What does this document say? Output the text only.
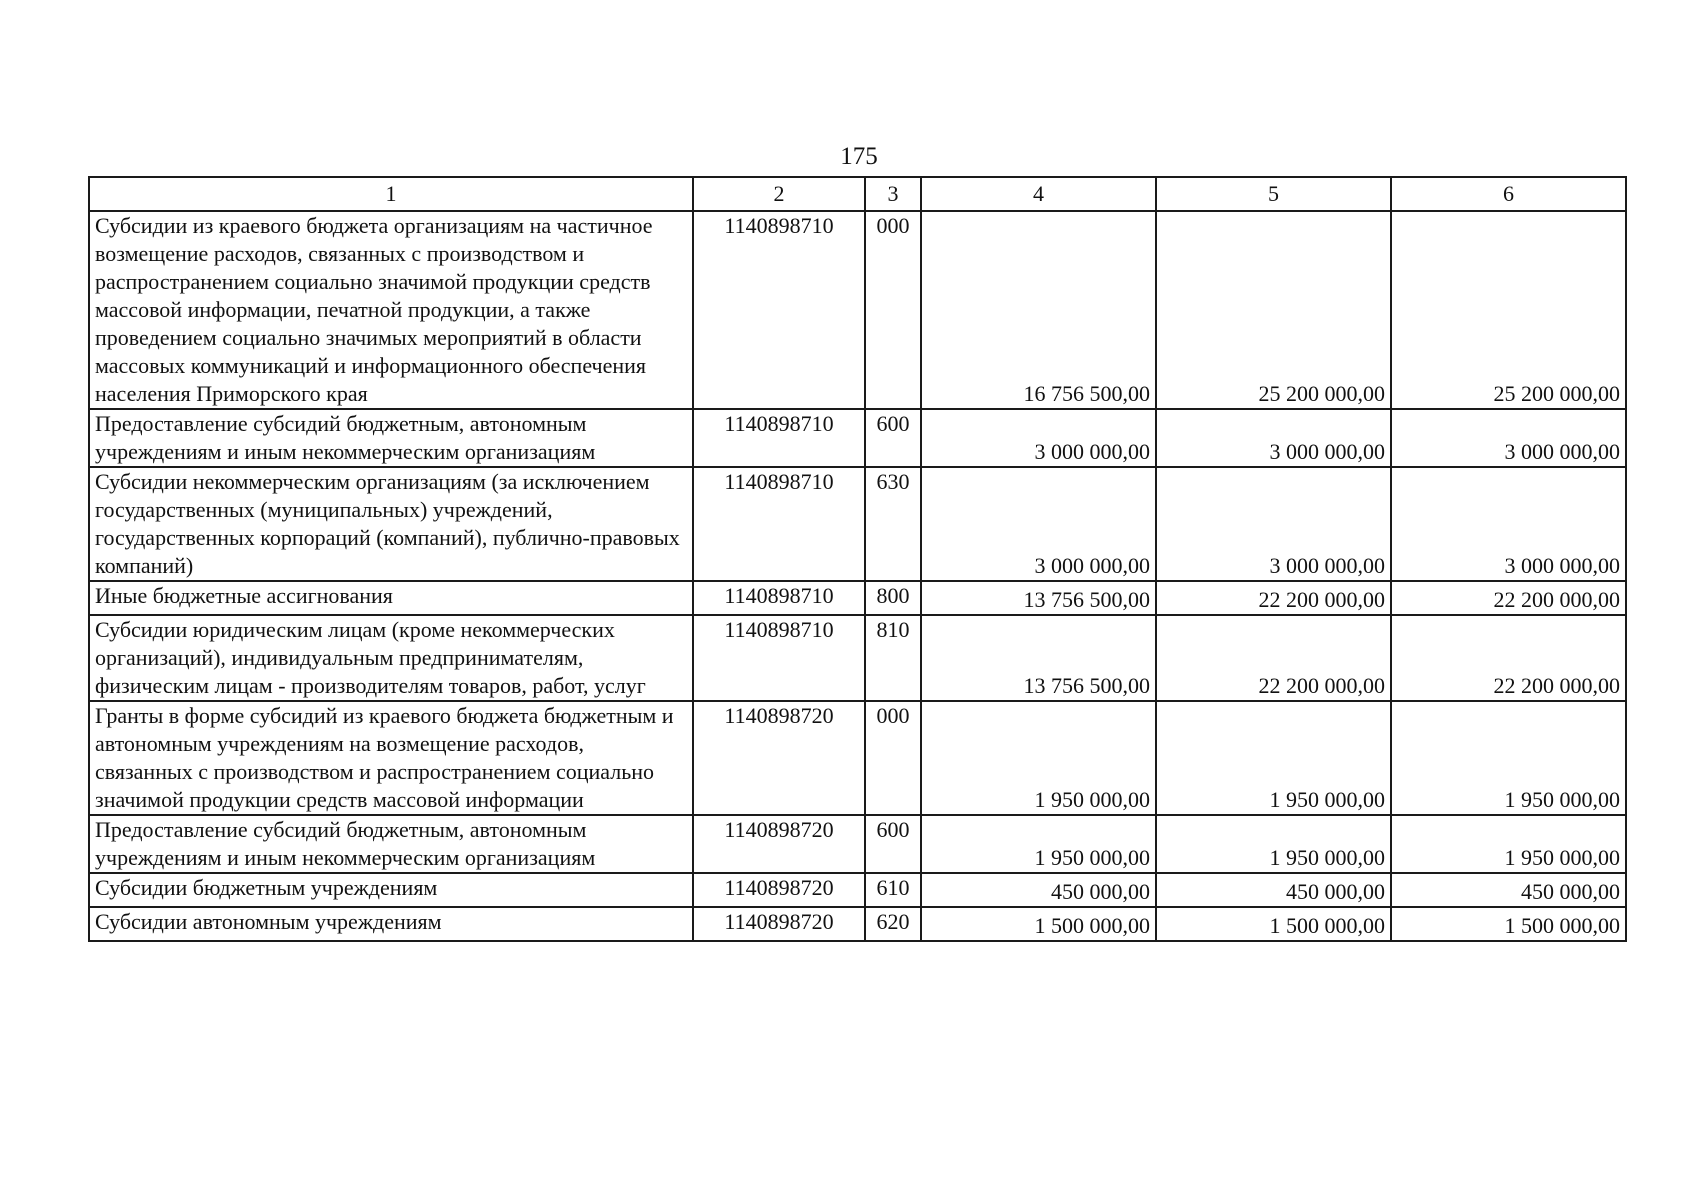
175
1	2	3	4	5	6
Субсидии из краевого бюджета организациям на частичное возмещение расходов, связанных с производством и распространением социально значимой продукции средств массовой информации, печатной продукции, а также проведением социально значимых мероприятий в области массовых коммуникаций и информационного обеспечения населения Приморского края	1140898710	000	16 756 500,00	25 200 000,00	25 200 000,00
Предоставление субсидий бюджетным, автономным учреждениям и иным некоммерческим организациям	1140898710	600	3 000 000,00	3 000 000,00	3 000 000,00
Субсидии некоммерческим организациям (за исключением государственных (муниципальных) учреждений, государственных корпораций (компаний), публично-правовых компаний)	1140898710	630	3 000 000,00	3 000 000,00	3 000 000,00
Иные бюджетные ассигнования	1140898710	800	13 756 500,00	22 200 000,00	22 200 000,00
Субсидии юридическим лицам (кроме некоммерческих организаций), индивидуальным предпринимателям, физическим лицам - производителям товаров, работ, услуг	1140898710	810	13 756 500,00	22 200 000,00	22 200 000,00
Гранты в форме субсидий из краевого бюджета бюджетным и автономным учреждениям на возмещение расходов, связанных с производством и распространением социально значимой продукции средств массовой информации	1140898720	000	1 950 000,00	1 950 000,00	1 950 000,00
Предоставление субсидий бюджетным, автономным учреждениям и иным некоммерческим организациям	1140898720	600	1 950 000,00	1 950 000,00	1 950 000,00
Субсидии бюджетным учреждениям	1140898720	610	450 000,00	450 000,00	450 000,00
Субсидии автономным учреждениям	1140898720	620	1 500 000,00	1 500 000,00	1 500 000,00
